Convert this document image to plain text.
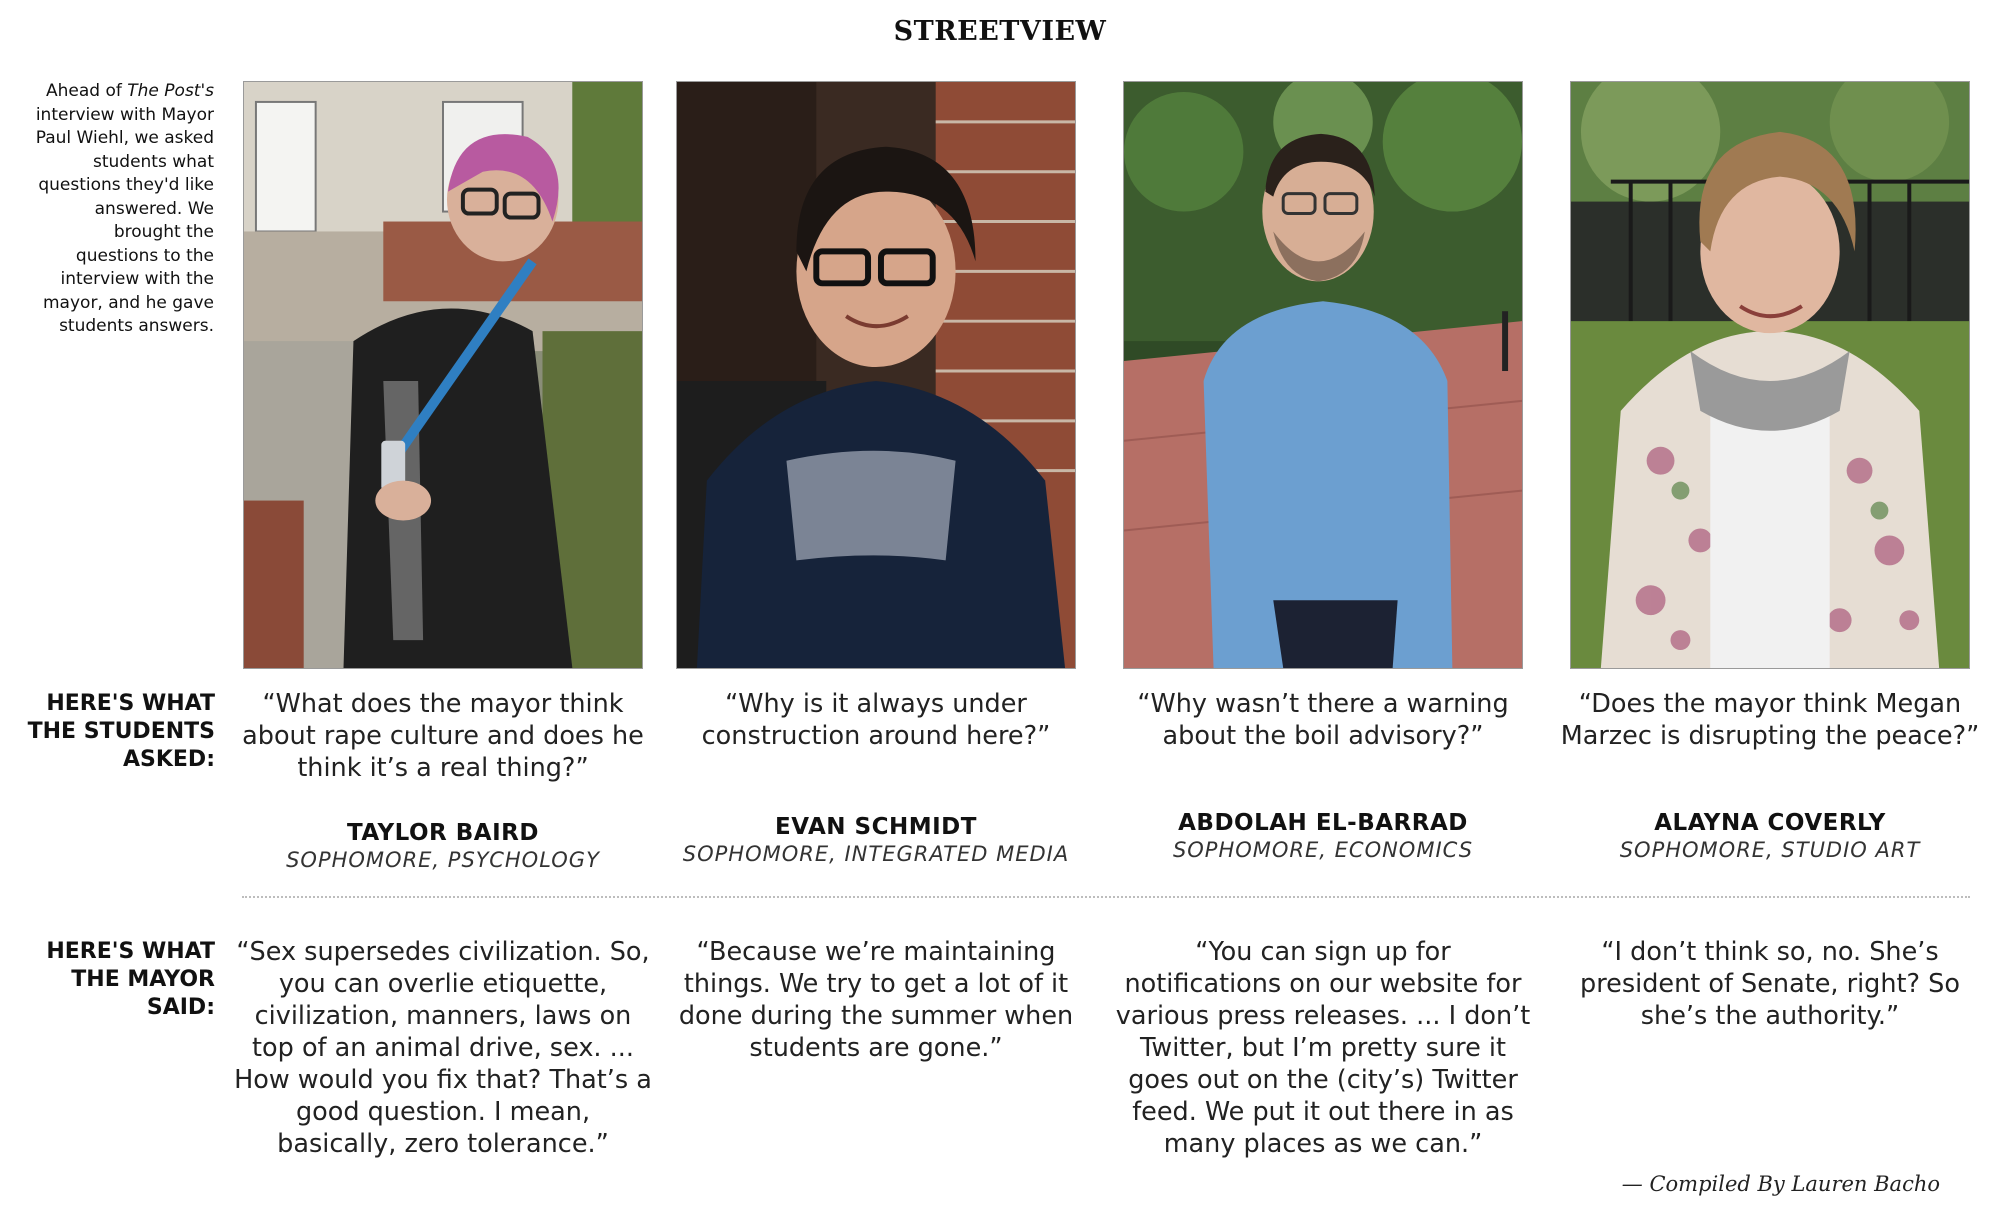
STREETVIEW
Ahead of The Post's interview with Mayor Paul Wiehl, we asked students what questions they'd like answered. We brought the questions to the interview with the mayor, and he gave students answers.
HERE'S WHAT THE STUDENTS ASKED:
HERE'S WHAT THE MAYOR SAID:
“What does the mayor think about rape culture and does he think it’s a real thing?”
TAYLOR BAIRD
SOPHOMORE, PSYCHOLOGY
“Sex supersedes civilization. So, you can overlie etiquette, civilization, manners, laws on top of an animal drive, sex. ... How would you fix that? That’s a good question. I mean, basically, zero tolerance.”
“Why is it always under construction around here?”
EVAN SCHMIDT
SOPHOMORE, INTEGRATED MEDIA
“Because we’re maintaining things. We try to get a lot of it done during the summer when students are gone.”
“Why wasn’t there a warning about the boil advisory?”
ABDOLAH EL-BARRAD
SOPHOMORE, ECONOMICS
“You can sign up for notifications on our website for various press releases. ... I don’t Twitter, but I’m pretty sure it goes out on the (city’s) Twitter feed. We put it out there in as many places as we can.”
“Does the mayor think Megan Marzec is disrupting the peace?”
ALAYNA COVERLY
SOPHOMORE, STUDIO ART
“I don’t think so, no. She’s president of Senate, right? So she’s the authority.”
— Compiled By Lauren Bacho
